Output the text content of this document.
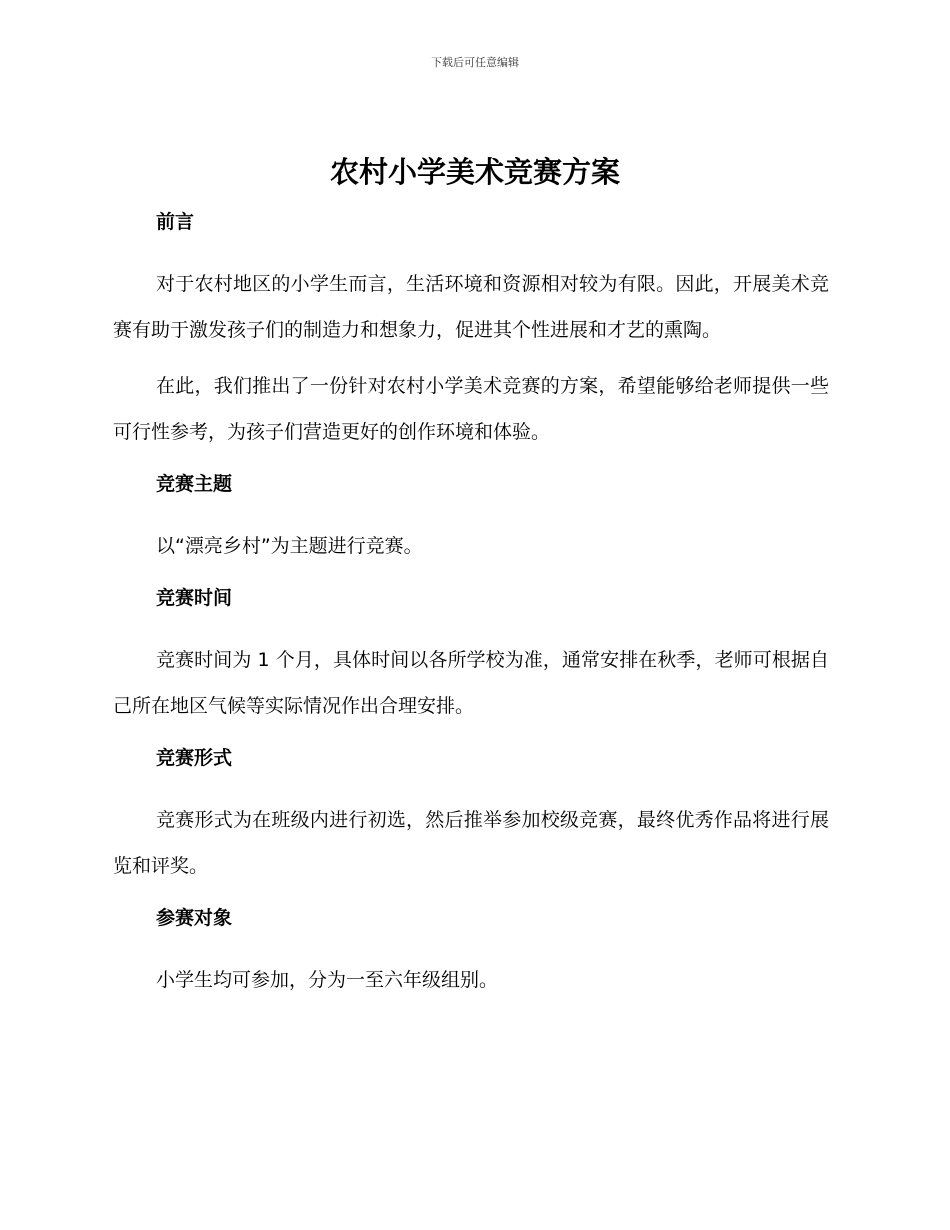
下载后可任意编辑
农村小学美术竞赛方案
前言

对于农村地区的小学生而言，生活环境和资源相对较为有限。因此，开展美术竞赛有助于激发孩子们的制造力和想象力，促进其个性进展和才艺的熏陶。

在此，我们推出了一份针对农村小学美术竞赛的方案，希望能够给老师提供一些可行性参考，为孩子们营造更好的创作环境和体验。

竞赛主题

以“漂亮乡村”为主题进行竞赛。

竞赛时间

竞赛时间为 1 个月，具体时间以各所学校为准，通常安排在秋季，老师可根据自己所在地区气候等实际情况作出合理安排。

竞赛形式

竞赛形式为在班级内进行初选，然后推举参加校级竞赛，最终优秀作品将进行展览和评奖。

参赛对象

小学生均可参加，分为一至六年级组别。
